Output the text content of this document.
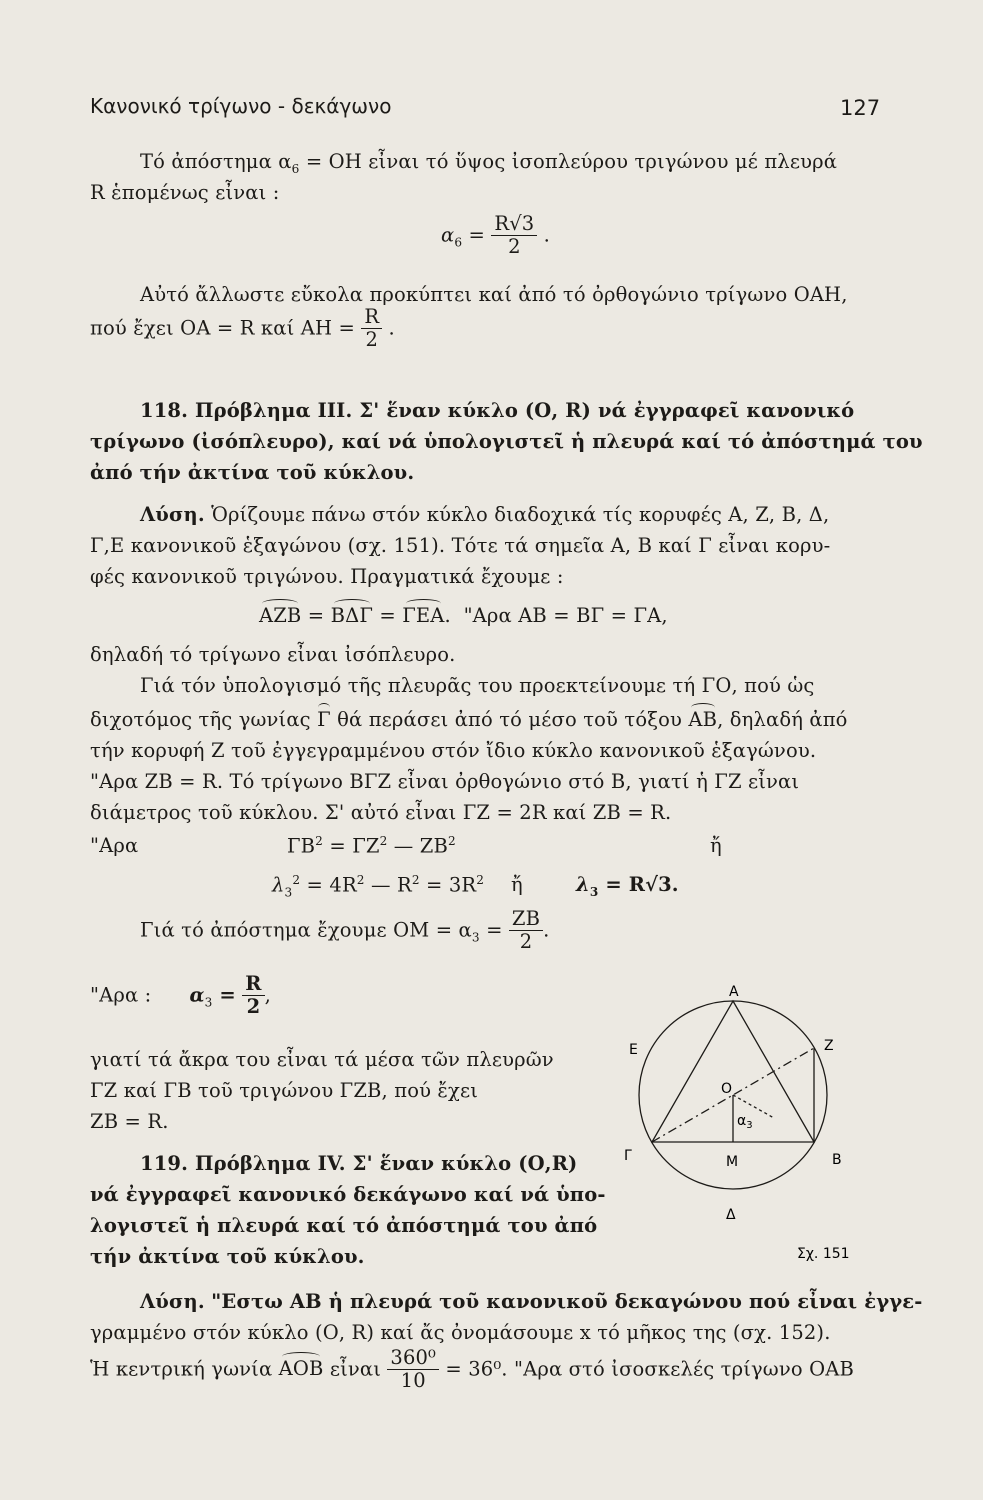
Κανονικό τρίγωνο - δεκάγωνο	127
Τό ἀπόστημα $\alpha_6 = OH$ εἶναι τό ὕψος ἰσοπλεύρου τριγώνου μέ πλευρά
R ἑπομένως εἶναι :
$\alpha_6 = \frac{R√3}{2}$ .
Αὐτό ἄλλωστε εὔκολα προκύπτει καί ἀπό τό ὀρθογώνιο τρίγωνο ΟΑΗ,
πού ἔχει ΟΑ = R καί $AH = \frac{R}{2}$ .
118. Πρόβλημα ΙΙΙ. Σ' ἕναν κύκλο (Ο, R) νά ἐγγραφεῖ κανονικό
τρίγωνο (ἰσόπλευρο), καί νά ὑπολογιστεῖ ἡ πλευρά καί τό ἀπόστημά του
ἀπό τήν ἀκτίνα τοῦ κύκλου.
Λύση. Ὁρίζουμε πάνω στόν κύκλο διαδοχικά τίς κορυφές Α, Ζ, Β, Δ,
Γ,Ε κανονικοῦ ἑξαγώνου (σχ. 151). Τότε τά σημεῖα Α, Β καί Γ εἶναι κορυ-
φές κανονικοῦ τριγώνου. Πραγματικά ἔχουμε :
ΑΖΒ = ΒΔΓ = ΓΕΑ.  "Αρα ΑΒ = ΒΓ = ΓΑ,
δηλαδή τό τρίγωνο εἶναι ἰσόπλευρο.
Γιά τόν ὑπολογισμό τῆς πλευρᾶς του προεκτείνουμε τή ΓΟ, πού ὡς
διχοτόμος τῆς γωνίας Γ θά περάσει ἀπό τό μέσο τοῦ τόξου ΑΒ, δηλαδή ἀπό
τήν κορυφή Ζ τοῦ ἐγγεγραμμένου στόν ἴδιο κύκλο κανονικοῦ ἑξαγώνου.
"Αρα ΖΒ = R. Τό τρίγωνο ΒΓΖ εἶναι ὀρθογώνιο στό Β, γιατί ἡ ΓΖ εἶναι
διάμετρος τοῦ κύκλου. Σ' αὐτό εἶναι ΓΖ = 2R καί ΖΒ = R.
"Αρα	$\Gamma B^2 = \Gamma Z^2$ — $ZB^2$	ἤ
$\lambda_3^2 = 4R^2$ — $R^2 = 3R^2$ ἤ	$\lambda_3 = R√3$.
Γιά τό ἀπόστημα ἔχουμε $OM = \alpha_3 = \frac{ZB}{2}$ .
"Αρα : $\alpha_3 = \frac{R}{2}$ ,
γιατί τά ἄκρα του εἶναι τά μέσα τῶν πλευρῶν
ΓΖ καί ΓΒ τοῦ τριγώνου ΓΖΒ, πού ἔχει
ΖΒ = R.
119. Πρόβλημα ΙV. Σ' ἕναν κύκλο (Ο,R)
νά ἐγγραφεῖ κανονικό δεκάγωνο καί νά ὑπο-
λογιστεῖ ἡ πλευρά καί τό ἀπόστημά του ἀπό
τήν ἀκτίνα τοῦ κύκλου.
Α
Ε	Ζ
Ο
$\alpha_3$
Γ	Μ	Β
Δ
Σχ. 151
Λύση. "Εστω ΑΒ ἡ πλευρά τοῦ κανονικοῦ δεκαγώνου πού εἶναι ἐγγε-
γραμμένο στόν κύκλο (Ο, R) καί ἄς ὀνομάσουμε x τό μῆκος της (σχ. 152).
Ἡ κεντρική γωνία ΑΟΒ εἶναι $\frac{\text{360⁰}}{10} = 36^0$. "Αρα στό ἰσοσκελές τρίγωνο ΟΑΒ
